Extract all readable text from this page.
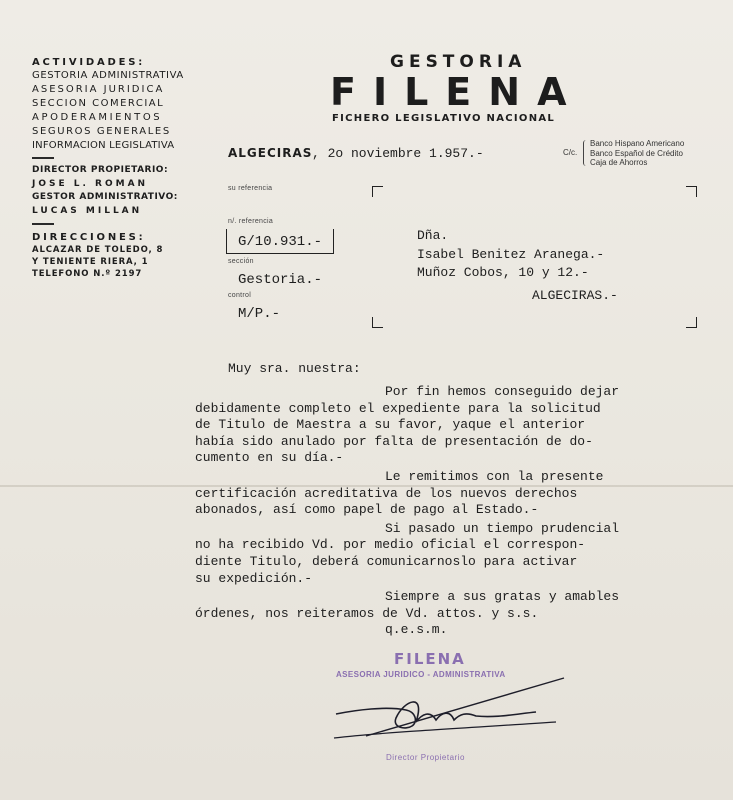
ACTIVIDADES:
GESTORIA ADMINISTRATIVA
ASESORIA JURIDICA
SECCION COMERCIAL
APODERAMIENTOS
SEGUROS GENERALES
INFORMACION LEGISLATIVA
DIRECTOR PROPIETARIO:
JOSE L. ROMAN
GESTOR ADMINISTRATIVO:
LUCAS MILLAN
DIRECCIONES:
ALCAZAR DE TOLEDO, 8
Y TENIENTE RIERA, 1
TELEFONO N.º 2197
GESTORIA
FILENA
FICHERO LEGISLATIVO NACIONAL
C/c.
Banco Hispano Americano
Banco Español de Crédito
Caja de Ahorros
ALGECIRAS , 2o noviembre 1.957.-
su referencia
n/. referencia
G/10.931.-
sección
Gestoria.-
control
M/P.-
Dña.
Isabel Benitez Aranega.-
Muñoz Cobos, 10 y 12.-
ALGECIRAS.-
Muy sra. nuestra:
Por fin hemos conseguido dejar
debidamente completo el expediente para la solicitud
de Titulo de Maestra a su favor, yaque el anterior
había sido anulado por falta de presentación de do-
cumento en su día.-
Le remitimos con la presente
certificación acreditativa de los nuevos derechos
abonados, así como papel de pago al Estado.-
Si pasado un tiempo prudencial
no ha recibido Vd. por medio oficial el correspon-
diente Titulo, deberá comunicarnoslo para activar
su expedición.-
Siempre a sus gratas y amables
órdenes, nos reiteramos de Vd. attos. y s.s.
q.e.s.m.
FILENA
ASESORIA JURIDICO - ADMINISTRATIVA
Director Propietario
